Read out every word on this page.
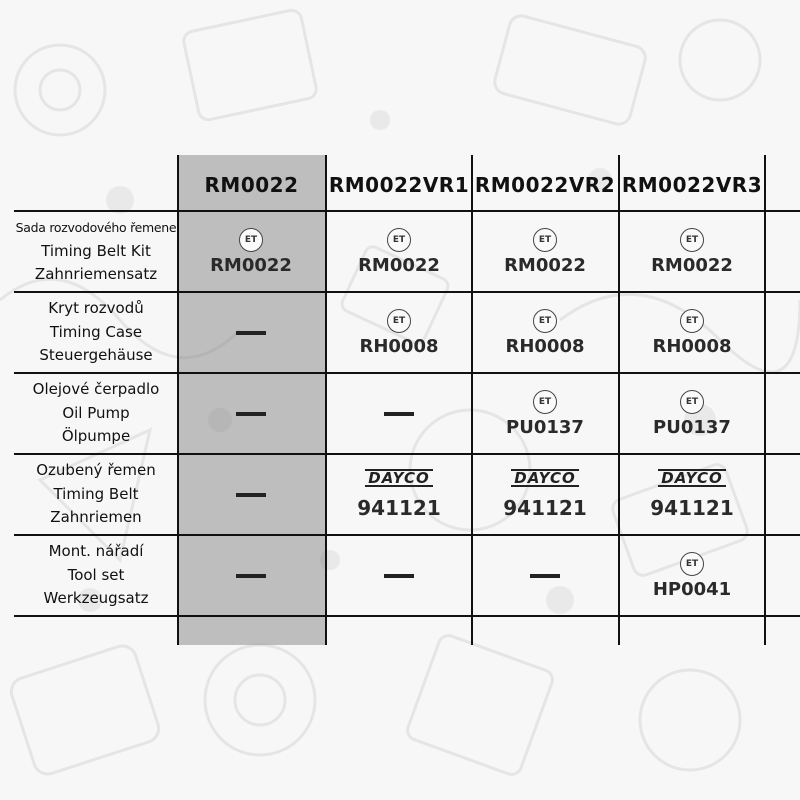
RM0022	RM0022VR1 RM0022VR2 RM0022VR3
Sada rozvodového řemene
Timing Belt Kit
Zahnriemensatz
ET
RM0022
ET
RM0022
ET
RM0022
ET
RM0022
Kryt rozvodů
Timing Case
Steuergehäuse
ET
RH0008
ET
RH0008
ET
RH0008
Olejové čerpadlo
Oil Pump
Ölpumpe
ET
PU0137
ET
PU0137
Ozubený řemen
Timing Belt
Zahnriemen
DAYCO
941121
DAYCO
941121
DAYCO
941121
Mont. nářadí
Tool set
Werkzeugsatz
ET
HP0041
